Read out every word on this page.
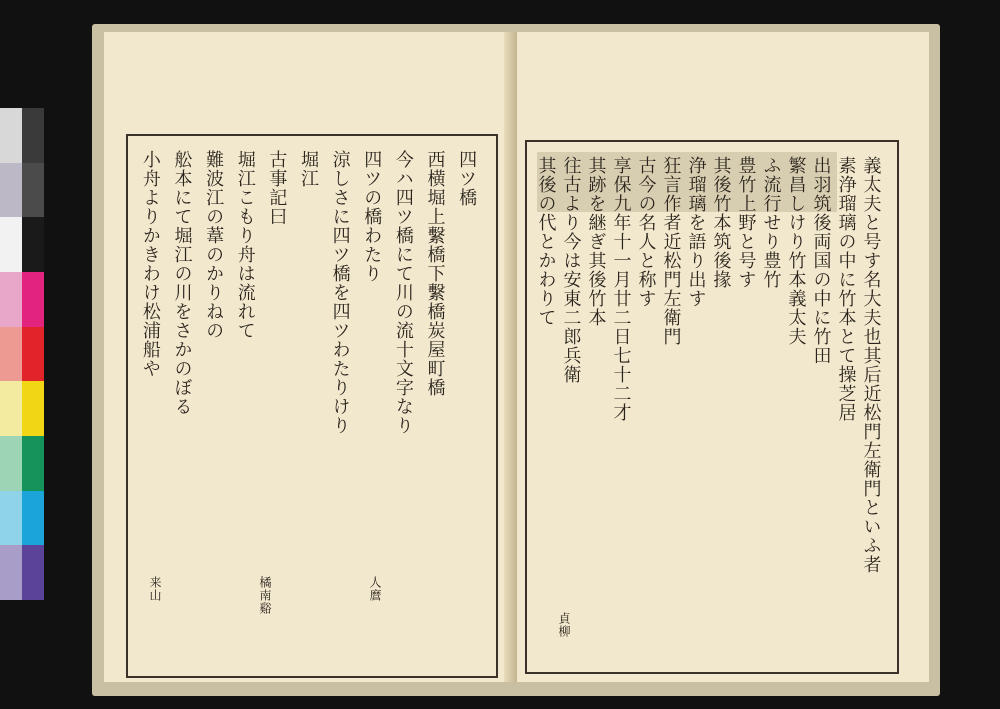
四ツ橋
西横堀上繫橋下繫橋炭屋町橋
今ハ四ツ橋にて川の流十文字なり
四ツの橋わたり
涼しさに四ツ橋を四ツわたりけり
堀江
古事記曰
堀江こもり舟は流れて
難波江の葦のかりねの
舩本にて堀江の川をさかのぼる
小舟よりかきわけ松浦船や
来山	橘南谿	人麿
義太夫と号す名大夫也其后近松門左衛門といふ者
素浄瑠璃の中に竹本とて操芝居
出羽筑後両国の中に竹田
繁昌しけり竹本義太夫
ふ流行せり豊竹
豊竹上野と号す
其後竹本筑後掾
浄瑠璃を語り出す
狂言作者近松門左衛門
古今の名人と称す
享保九年十一月廿二日七十二才
其跡を継ぎ其後竹本
往古より今は安東二郎兵衛
其後の代とかわりて
貞柳
